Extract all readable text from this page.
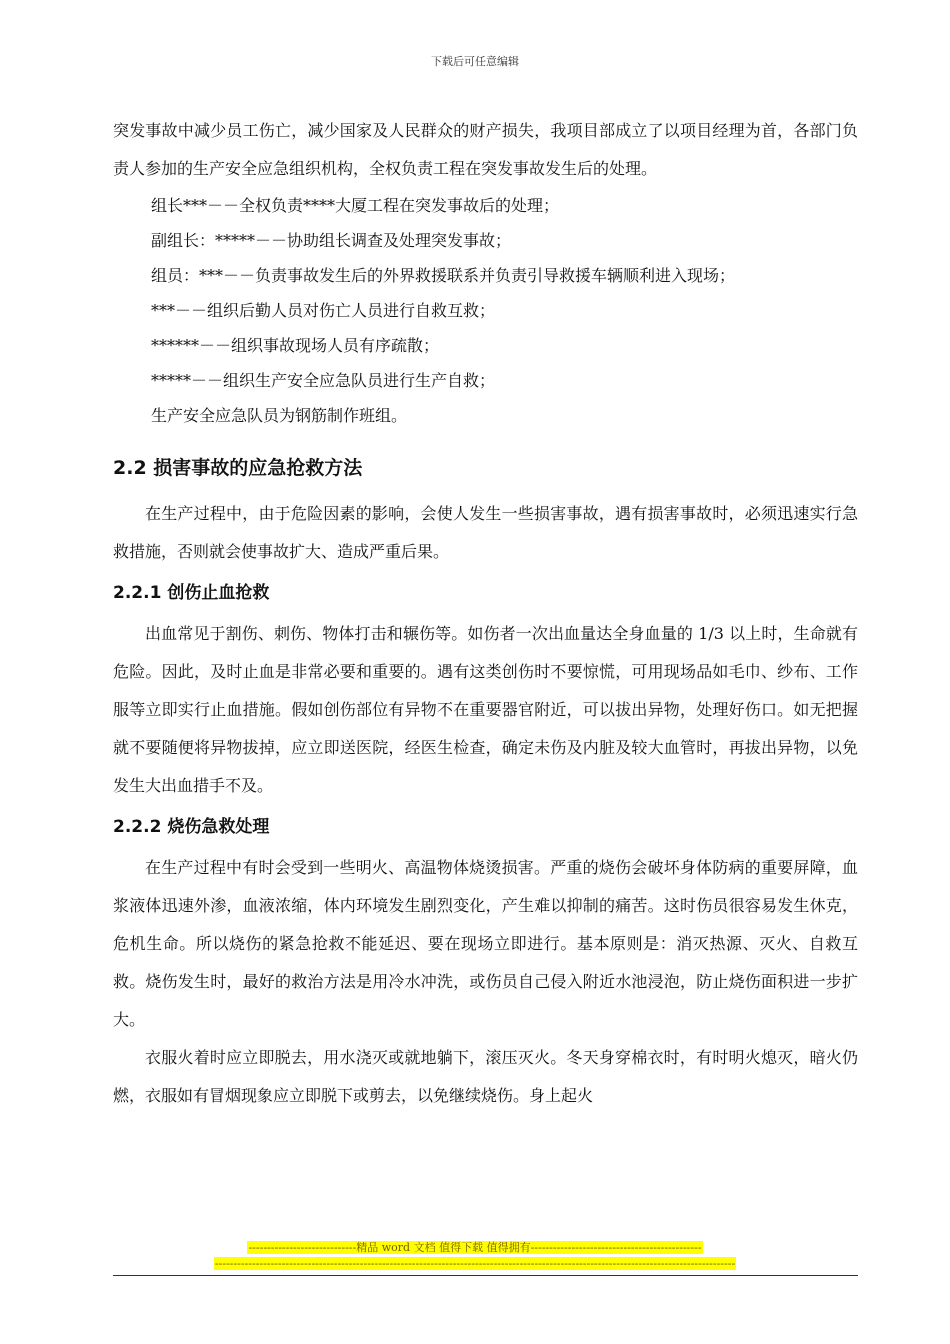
下载后可任意编辑

突发事故中减少员工伤亡，减少国家及人民群众的财产损失，我项目部成立了以项目经理为首，各部门负责人参加的生产安全应急组织机构，全权负责工程在突发事故发生后的处理。

组长***－－全权负责****大厦工程在突发事故后的处理；

副组长：*****－－协助组长调查及处理突发事故；

组员：***－－负责事故发生后的外界救援联系并负责引导救援车辆顺利进入现场；

***－－组织后勤人员对伤亡人员进行自救互救；

******－－组织事故现场人员有序疏散；

*****－－组织生产安全应急队员进行生产自救；

生产安全应急队员为钢筋制作班组。

2.2 损害事故的应急抢救方法

在生产过程中，由于危险因素的影响，会使人发生一些损害事故，遇有损害事故时，必须迅速实行急救措施，否则就会使事故扩大、造成严重后果。

2.2.1 创伤止血抢救

出血常见于割伤、刺伤、物体打击和辗伤等。如伤者一次出血量达全身血量的 1/3 以上时，生命就有危险。因此，及时止血是非常必要和重要的。遇有这类创伤时不要惊慌，可用现场品如毛巾、纱布、工作服等立即实行止血措施。假如创伤部位有异物不在重要器官附近，可以拔出异物，处理好伤口。如无把握就不要随便将异物拔掉，应立即送医院，经医生检查，确定未伤及内脏及较大血管时，再拔出异物，以免发生大出血措手不及。

2.2.2 烧伤急救处理

在生产过程中有时会受到一些明火、高温物体烧烫损害。严重的烧伤会破坏身体防病的重要屏障，血浆液体迅速外渗，血液浓缩，体内环境发生剧烈变化，产生难以抑制的痛苦。这时伤员很容易发生休克，危机生命。所以烧伤的紧急抢救不能延迟、要在现场立即进行。基本原则是：消灭热源、灭火、自救互救。烧伤发生时，最好的救治方法是用冷水冲洗，或伤员自己侵入附近水池浸泡，防止烧伤面积进一步扩大。

衣服火着时应立即脱去，用水浇灭或就地躺下，滚压灭火。冬天身穿棉衣时，有时明火熄灭，暗火仍燃，衣服如有冒烟现象应立即脱下或剪去，以免继续烧伤。身上起火

-----------------------------精品 word 文档 值得下载 值得拥有----------------------------------------------
--------------------------------------------------------------------------------------------------------------------------------------------
